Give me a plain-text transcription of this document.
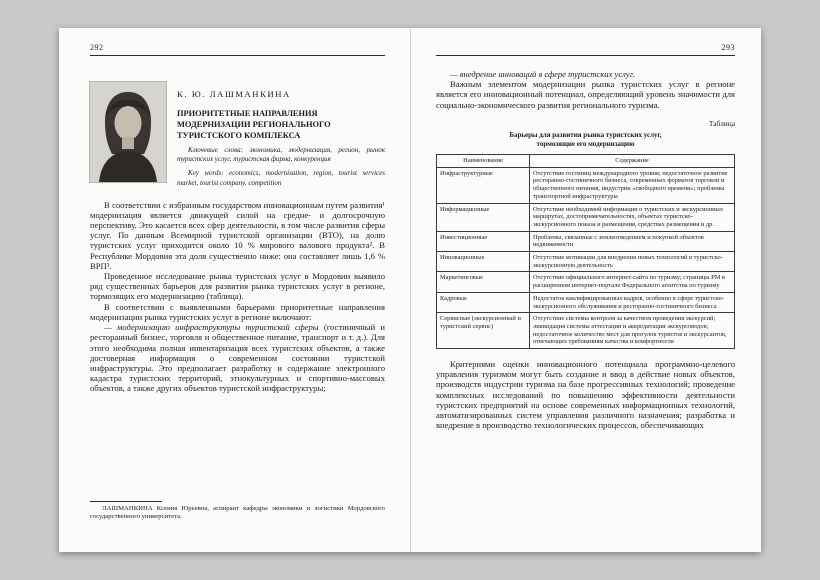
292
К. Ю. ЛАШМАНКИНА
ПРИОРИТЕТНЫЕ НАПРАВЛЕНИЯ МОДЕРНИЗАЦИИ РЕГИОНАЛЬНОГО ТУРИСТСКОГО КОМПЛЕКСА
Ключевые слова: экономика, модернизация, регион, рынок туристских услуг, туристская фирма, конкуренция
Key words: economics, modernisation, region, tourist services market, tourist company, competition

В соответствии с избранным государством инновационным путем развития¹ модернизация является движущей силой на средне- и долгосрочную перспективу. Это касается всех сфер деятельности, в том числе развития сферы услуг. По данным Всемирной туристской организации (ВТО), на долю туристских услуг приходится около 10 % мирового валового продукта². В Республике Мордовия эта доля существенно ниже: она составляет лишь 1,6 % ВРП³.

Проведенное исследование рынка туристских услуг в Мордовии выявило ряд существенных барьеров для развития рынка туристских услуг в регионе, тормозящих его модернизацию (таблица).

В соответствии с выявленными барьерами приоритетные направления модернизации рынка туристских услуг в регионе включают:

— модернизацию инфраструктуры туристской сферы (гостиничный и ресторанный бизнес, торговля и общественное питание, транспорт и т. д.). Для этого необходима полная инвентаризация всех туристских объектов, а также достоверная информация о современном состоянии туристской инфраструктуры. Это предполагает разработку и содержание электронного кадастра туристских территорий, этнокультурных и спортивно-массовых объектов, а также других объектов туристской инфраструктуры;

ЛАШМАНКИНА Ксения Юрьевна, аспирант кафедры экономики и логистики Мордовского государственного университета.
293

— внедрение инноваций в сфере туристских услуг.

Важным элементом модернизации рынка туристских услуг в регионе является его инновационный потенциал, определяющий уровень значимости для социально-экономического развития регионального туризма.

Таблица
Барьеры для развития рынка туристских услуг,
тормозящие его модернизацию
Наименование	Содержание
Инфраструктурные	Отсутствие гостиниц международного уровня; недостаточное развитие ресторанно-гостиничного бизнеса, современных форматов торговли и общественного питания, индустрии «свободного времени»; проблемы транспортной инфраструктуры
Информационные	Отсутствие необходимой информации о туристских и экскурсионных маршрутах, достопримечательностях, объектах туристско-экскурсионного показа и размещения, средствах размещения и др.
Инвестиционные	Проблемы, связанные с землеотведением и покупкой объектов недвижимости
Инновационные	Отсутствие мотивации для внедрения новых технологий в туристско-экскурсионную деятельность
Маркетинговые	Отсутствие официального интернет-сайта по туризму; страницы РМ в расширенном интернет-портале Федерального агентства по туризму
Кадровые	Недостаток квалифицированных кадров, особенно в сфере туристско-экскурсионного обслуживания и ресторанно-гостиничного бизнеса
Сервисные (экскурсионный и туристский сервис)	Отсутствие системы контроля за качеством проведения экскурсий; ликвидация системы аттестации и аккредитации экскурсоводов; недостаточное количество мест для прогулок туристов и экскурсантов, отвечающих требованиям качества и комфортности

Критериями оценки инновационного потенциала программно-целевого управления туризмом могут быть создание и ввод в действие новых объектов, производств индустрии туризма на базе прогрессивных технологий; проведение комплексных исследований по повышению эффективности деятельности туристских предприятий на основе современных информационных технологий, автоматизированных систем управления различного назначения; разработка и внедрение в производство технологических процессов, обеспечивающих
